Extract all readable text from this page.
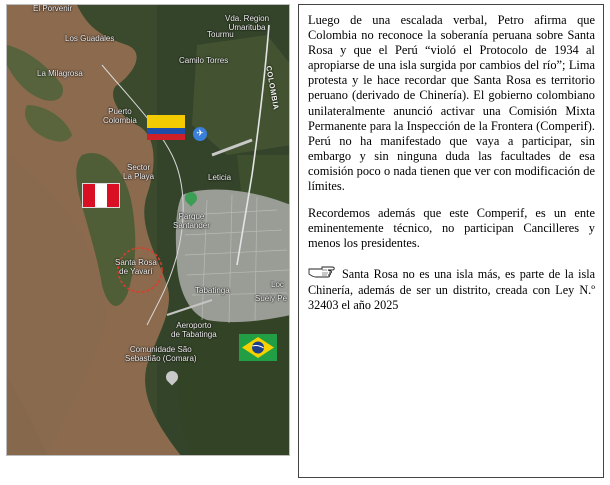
El Porvenir
Los Guadales
Vda. Region
Umarituba
Tourmu
Camilo Torres
La Milagrosa
Puerto
Colombia
Sector
La Playa	Leticia
Parque
Santander
Santa Rosa
de Yavarí
Tabatinga
Loc
Suely Pe
Aeroporto
de Tabatinga
Comunidade São
Sebastião (Comara)
COLOMBIA
✈

Luego de una escalada verbal, Petro afirma que Colombia no reconoce la soberanía peruana sobre Santa Rosa y que el Perú “violó el Protocolo de 1934 al apropiarse de una isla surgida por cambios del río”; Lima protesta y le hace recordar que Santa Rosa es territorio peruano (derivado de Chinería). El gobierno colombiano unilateralmente anunció activar una Comisión Mixta Permanente para la Inspección de la Frontera (Comperif). Perú no ha manifestado que vaya a participar, sin embargo y sin ninguna duda las facultades de esa comisión poco o nada tienen que ver con modificación de límites.

Recordemos además que este Comperif, es un ente eminentemente técnico, no participan Cancilleres y menos los presidentes.

Santa Rosa no es una isla más, es parte de la isla Chinería, además de ser un distrito, creada con Ley N.º 32403 el año 2025
